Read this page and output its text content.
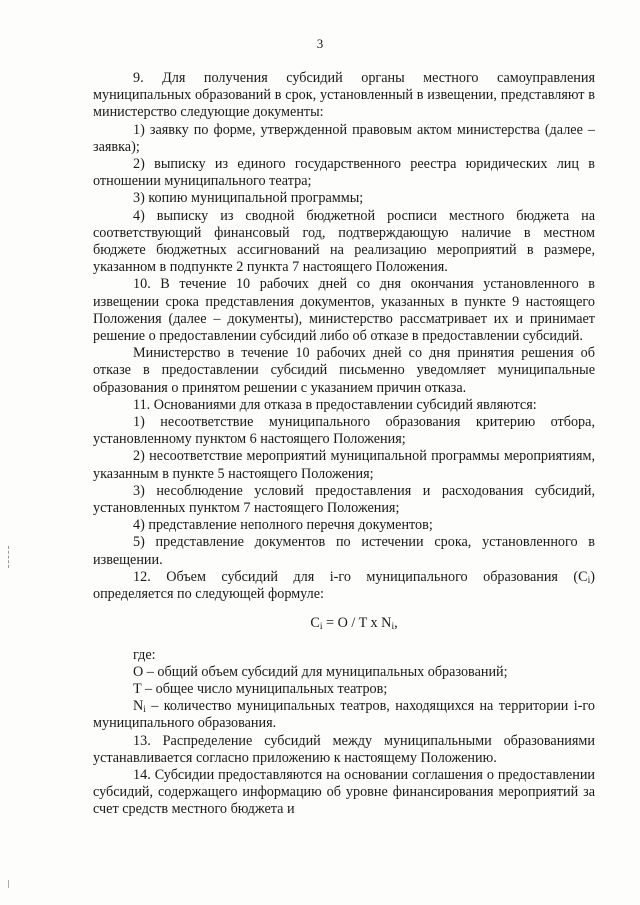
3

9. Для получения субсидий органы местного самоуправления муниципальных образований в срок, установленный в извещении, представляют в министерство следующие документы:

1) заявку по форме, утвержденной правовым актом министерства (далее – заявка);

2) выписку из единого государственного реестра юридических лиц в отношении муниципального театра;

3) копию муниципальной программы;

4) выписку из сводной бюджетной росписи местного бюджета на соответствующий финансовый год, подтверждающую наличие в местном бюджете бюджетных ассигнований на реализацию мероприятий в размере, указанном в подпункте 2 пункта 7 настоящего Положения.

10. В течение 10 рабочих дней со дня окончания установленного в извещении срока представления документов, указанных в пункте 9 настоящего Положения (далее – документы), министерство рассматривает их и принимает решение о предоставлении субсидий либо об отказе в предоставлении субсидий.

Министерство в течение 10 рабочих дней со дня принятия решения об отказе в предоставлении субсидий письменно уведомляет муниципальные образования о принятом решении с указанием причин отказа.

11. Основаниями для отказа в предоставлении субсидий являются:

1) несоответствие муниципального образования критерию отбора, установленному пунктом 6 настоящего Положения;

2) несоответствие мероприятий муниципальной программы мероприятиям, указанным в пункте 5 настоящего Положения;

3) несоблюдение условий предоставления и расходования субсидий, установленных пунктом 7 настоящего Положения;

4) представление неполного перечня документов;

5) представление документов по истечении срока, установленного в извещении.

12. Объем субсидий для i-го муниципального образования $(C_i)$ определяется по следующей формуле:

$C_i = O / T$ x $N_i$,

где:

O – общий объем субсидий для муниципальных образований;

T – общее число муниципальных театров;

$N_i$ – количество муниципальных театров, находящихся на территории i-го муниципального образования.

13. Распределение субсидий между муниципальными образованиями устанавливается согласно приложению к настоящему Положению.

14. Субсидии предоставляются на основании соглашения о предоставлении субсидий, содержащего информацию об уровне финансирования мероприятий за счет средств местного бюджета и
